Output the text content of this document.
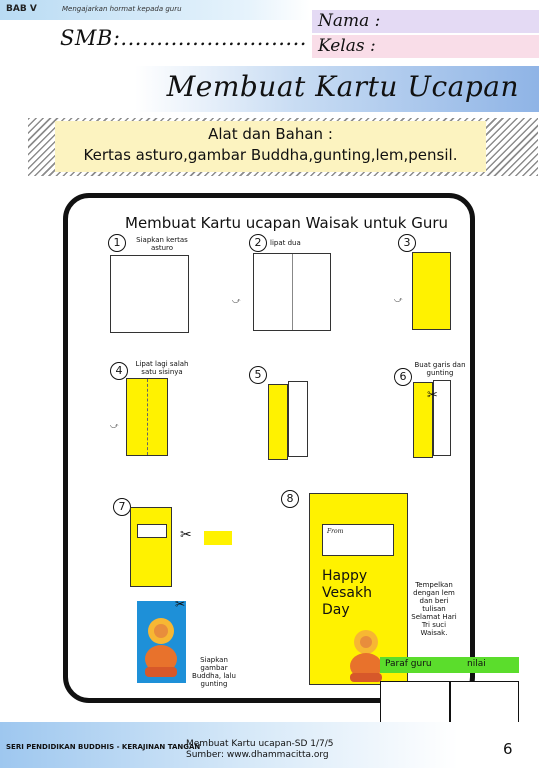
BAB V	Mengajarkan hormat kepada guru
SMB:..........................
Nama :
Kelas :
Membuat Kartu Ucapan
Alat dan Bahan :
Kertas asturo,gambar Buddha,gunting,lem,pensil.
Membuat Kartu ucapan Waisak untuk Guru
1	Siapkan kertas asturo	2	lipat dua
⤻
3
⤻
4	Lipat lagi salah satu sisinya
⤻
5	6
Buat garis dan gunting
✂
7
✂
✂
Siapkan gambar Buddha, lalu gunting
8
From
Happy Vesakh Day
Tempelkan dengan lem dan beri tulisan Selamat Hari Tri suci Waisak.
Paraf guru	nilai
SERI PENDIDIKAN BUDDHIS - KERAJINAN TANGAN
Membuat Kartu ucapan-SD 1/7/5
Sumber: www.dhammacitta.org	6
